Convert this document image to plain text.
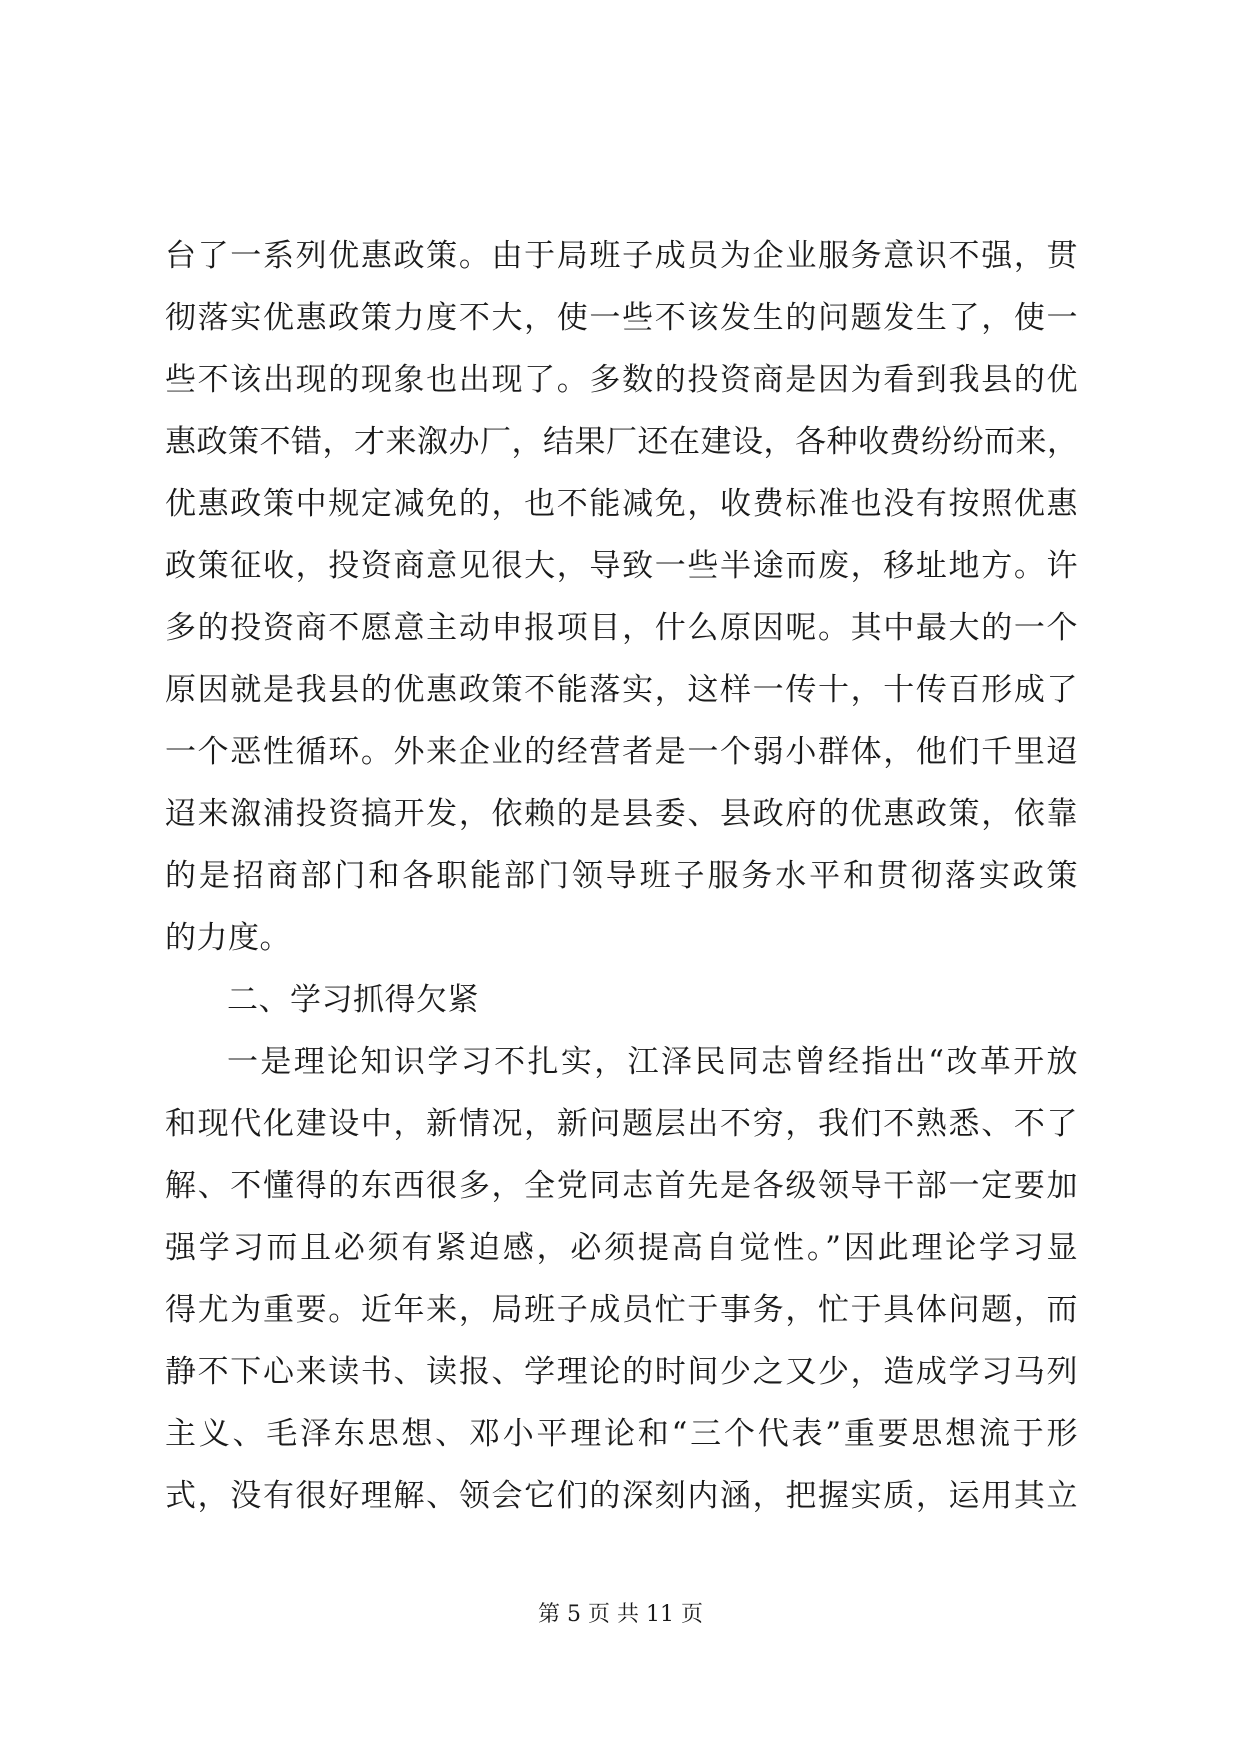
台了一系列优惠政策。由于局班子成员为企业服务意识不强，贯
彻落实优惠政策力度不大，使一些不该发生的问题发生了，使一
些不该出现的现象也出现了。多数的投资商是因为看到我县的优
惠政策不错，才来溆办厂，结果厂还在建设，各种收费纷纷而来，
优惠政策中规定减免的，也不能减免，收费标准也没有按照优惠
政策征收，投资商意见很大，导致一些半途而废，移址地方。许
多的投资商不愿意主动申报项目，什么原因呢。其中最大的一个
原因就是我县的优惠政策不能落实，这样一传十，十传百形成了
一个恶性循环。外来企业的经营者是一个弱小群体，他们千里迢
迢来溆浦投资搞开发，依赖的是县委、县政府的优惠政策，依靠
的是招商部门和各职能部门领导班子服务水平和贯彻落实政策
的力度。
二、学习抓得欠紧
一是理论知识学习不扎实，江泽民同志曾经指出“改革开放
和现代化建设中，新情况，新问题层出不穷，我们不熟悉、不了
解、不懂得的东西很多，全党同志首先是各级领导干部一定要加
强学习而且必须有紧迫感，必须提高自觉性。”因此理论学习显
得尤为重要。近年来，局班子成员忙于事务，忙于具体问题，而
静不下心来读书、读报、学理论的时间少之又少，造成学习马列
主义、毛泽东思想、邓小平理论和“三个代表”重要思想流于形
式，没有很好理解、领会它们的深刻内涵，把握实质，运用其立
第 5 页 共 11 页
